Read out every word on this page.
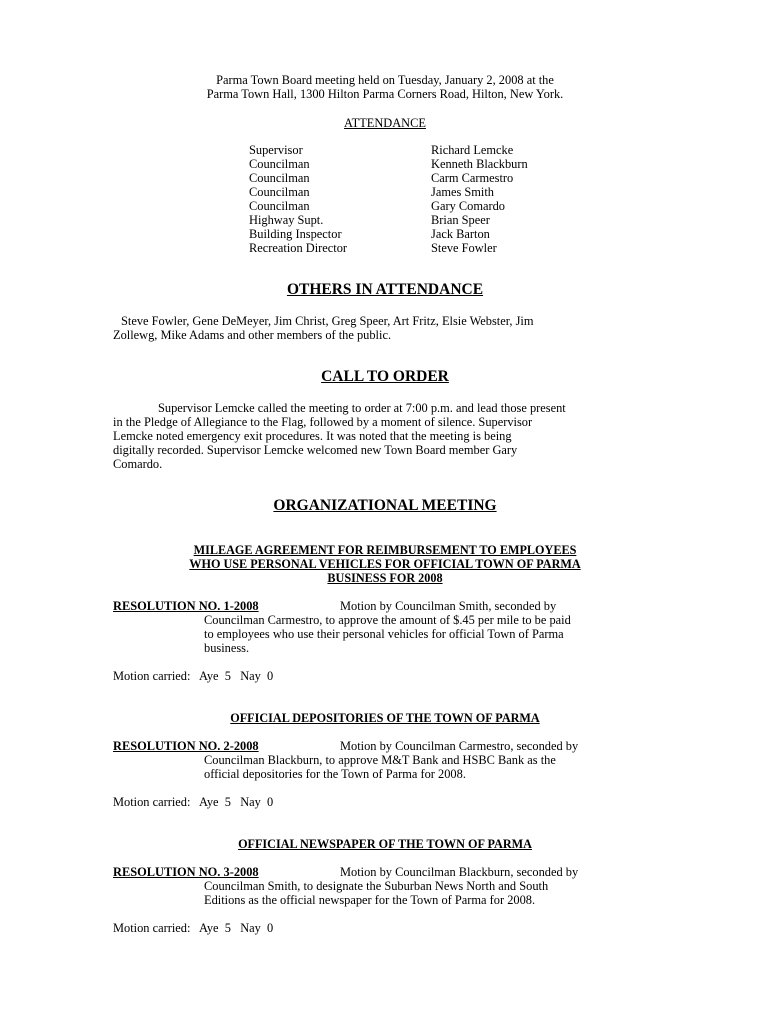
Parma Town Board meeting held on Tuesday, January 2, 2008 at the
Parma Town Hall, 1300 Hilton Parma Corners Road, Hilton, New York.
ATTENDANCE
Supervisor	Richard Lemcke
Councilman	Kenneth Blackburn
Councilman	Carm Carmestro
Councilman	James Smith
Councilman	Gary Comardo
Highway Supt.	Brian Speer
Building Inspector	Jack Barton
Recreation Director	Steve Fowler
OTHERS IN ATTENDANCE
Steve Fowler, Gene DeMeyer, Jim Christ, Greg Speer, Art Fritz, Elsie Webster, Jim
Zollewg, Mike Adams and other members of the public.
CALL TO ORDER
Supervisor Lemcke called the meeting to order at 7:00 p.m. and lead those present
in the Pledge of Allegiance to the Flag, followed by a moment of silence. Supervisor
Lemcke noted emergency exit procedures. It was noted that the meeting is being
digitally recorded. Supervisor Lemcke welcomed new Town Board member Gary
Comardo.
ORGANIZATIONAL MEETING
MILEAGE AGREEMENT FOR REIMBURSEMENT TO EMPLOYEES
WHO USE PERSONAL VEHICLES FOR OFFICIAL TOWN OF PARMA
BUSINESS FOR 2008
RESOLUTION NO. 1-2008	Motion by Councilman Smith, seconded by
Councilman Carmestro, to approve the amount of $.45 per mile to be paid
to employees who use their personal vehicles for official Town of Parma
business.
Motion carried:   Aye  5   Nay  0
OFFICIAL DEPOSITORIES OF THE TOWN OF PARMA
RESOLUTION NO. 2-2008	Motion by Councilman Carmestro, seconded by
Councilman Blackburn, to approve M&T Bank and HSBC Bank as the
official depositories for the Town of Parma for 2008.
Motion carried:   Aye  5   Nay  0
OFFICIAL NEWSPAPER OF THE TOWN OF PARMA
RESOLUTION NO. 3-2008	Motion by Councilman Blackburn, seconded by
Councilman Smith, to designate the Suburban News North and South
Editions as the official newspaper for the Town of Parma for 2008.
Motion carried:   Aye  5   Nay  0
